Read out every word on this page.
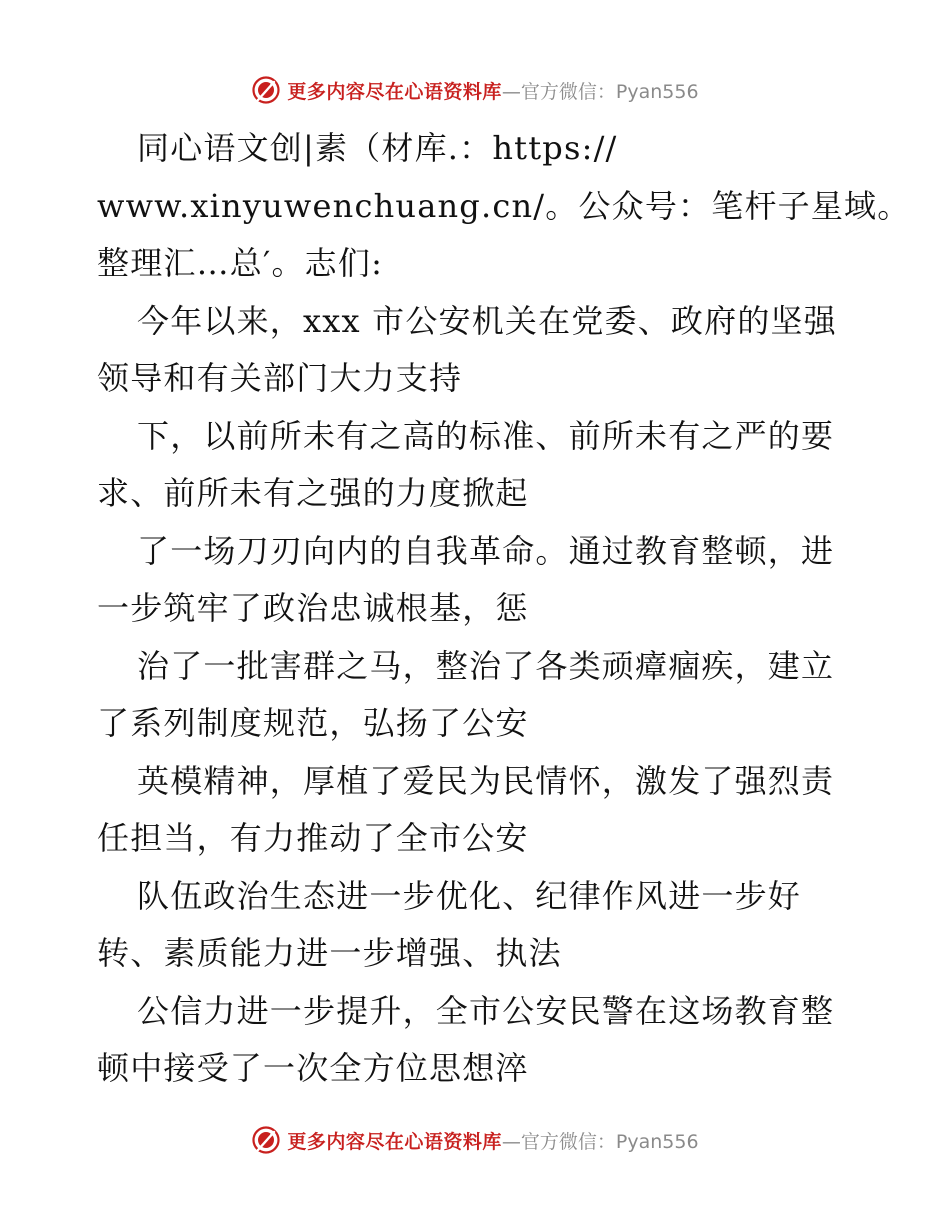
更多内容尽在心语资料库—官方微信：Pyan556
同心语文创|素（材库.：https://
www.xinyuwenchuang.cn/。公众号：笔杆子星域。
整理汇…总′。志们:
今年以来，xxx 市公安机关在党委、政府的坚强
领导和有关部门大力支持
下，以前所未有之高的标准、前所未有之严的要
求、前所未有之强的力度掀起
了一场刀刃向内的自我革命。通过教育整顿，进
一步筑牢了政治忠诚根基，惩
治了一批害群之马，整治了各类顽瘴痼疾，建立
了系列制度规范，弘扬了公安
英模精神，厚植了爱民为民情怀，激发了强烈责
任担当，有力推动了全市公安
队伍政治生态进一步优化、纪律作风进一步好
转、素质能力进一步增强、执法
公信力进一步提升，全市公安民警在这场教育整
顿中接受了一次全方位思想淬
更多内容尽在心语资料库—官方微信：Pyan556
